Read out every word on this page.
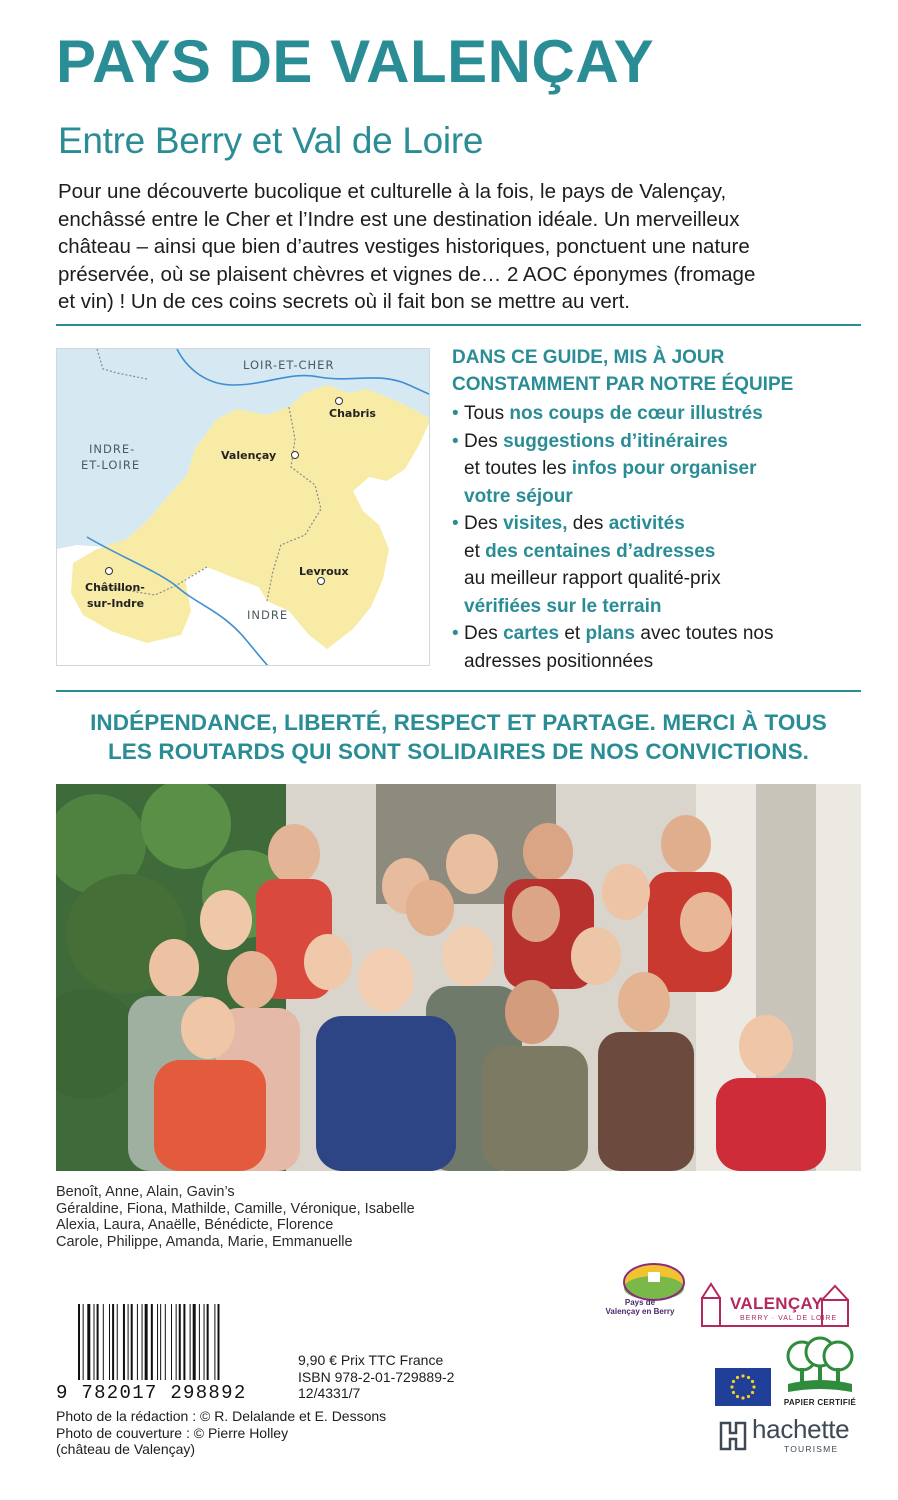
PAYS DE VALENÇAY
Entre Berry et Val de Loire
Pour une découverte bucolique et culturelle à la fois, le pays de Valençay,
enchâssé entre le Cher et l’Indre est une destination idéale. Un merveilleux
château – ainsi que bien d’autres vestiges historiques, ponctuent une nature
préservée, où se plaisent chèvres et vignes de… 2 AOC éponymes (fromage
et vin) ! Un de ces coins secrets où il fait bon se mettre au vert.
LOIR-ET-CHER
INDRE-
ET-LOIRE
INDRE
Chabris
Valençay
Levroux
Châtillon-
sur-Indre
DANS CE GUIDE, MIS À JOUR
CONSTAMMENT PAR NOTRE ÉQUIPE
• Tous nos coups de cœur illustrés
• Des suggestions d’itinéraires
et toutes les infos pour organiser
votre séjour
• Des visites, des activités
et des centaines d’adresses
au meilleur rapport qualité-prix
vérifiées sur le terrain
• Des cartes et plans avec toutes nos
adresses positionnées
INDÉPENDANCE, LIBERTÉ, RESPECT ET PARTAGE. MERCI À TOUS
LES ROUTARDS QUI SONT SOLIDAIRES DE NOS CONVICTIONS.
Benoît, Anne, Alain, Gavin’s
Géraldine, Fiona, Mathilde, Camille, Véronique, Isabelle
Alexia, Laura, Anaëlle, Bénédicte, Florence
Carole, Philippe, Amanda, Marie, Emmanuelle
9 782017 298892
9,90 € Prix TTC France
ISBN 978-2-01-729889-2
12/4331/7
Photo de la rédaction : © R. Delalande et E. Dessons
Photo de couverture : © Pierre Holley
(château de Valençay)
Pays de
Valençay en Berry	VALENÇAY
BERRY · VAL DE LOIRE
PAPIER CERTIFIÉ
hachette
TOURISME
